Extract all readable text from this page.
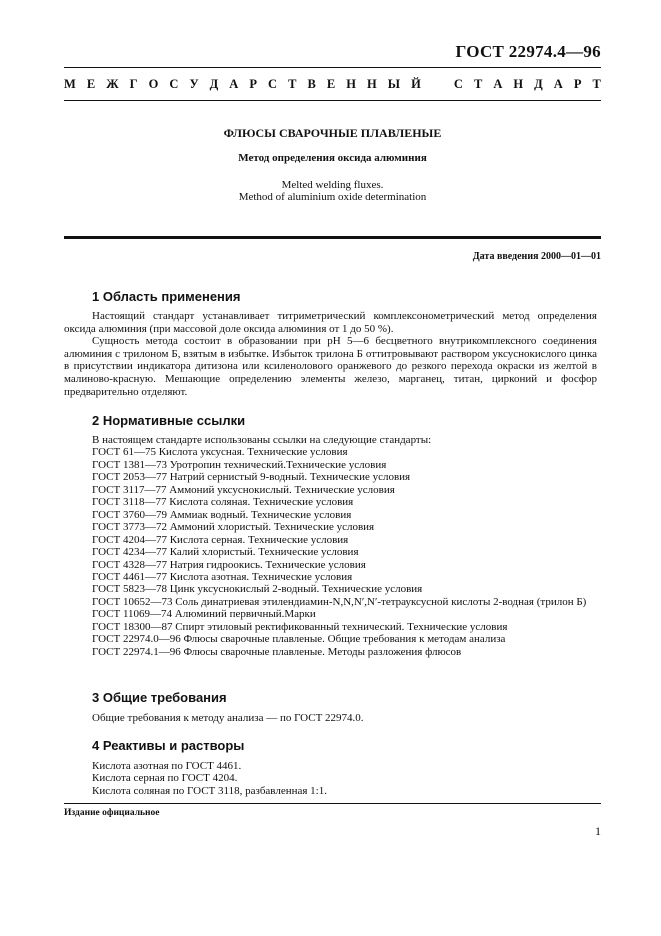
ГОСТ 22974.4—96
М Е Ж Г О С У Д А Р С Т В Е Н Н Ы Й	С Т А Н Д А Р Т
ФЛЮСЫ СВАРОЧНЫЕ ПЛАВЛЕНЫЕ
Метод определения оксида алюминия
Melted welding fluxes.
Method of aluminium oxide determination
Дата введения 2000—01—01
1 Область применения

Настоящий стандарт устанавливает титриметрический комплексонометрический метод определения оксида алюминия (при массовой доле оксида алюминия от 1 до 50 %).

Сущность метода состоит в образовании при рН 5—6 бесцветного внутрикомплексного соединения алюминия с трилоном Б, взятым в избытке. Избыток трилона Б оттитровывают раствором уксуснокислого цинка в присутствии индикатора дитизона или ксиленолового оранжевого до резкого перехода окраски из желтой в малиново-красную. Мешающие определению элементы железо, марганец, титан, цирконий и фосфор предварительно отделяют.

2 Нормативные ссылки
В настоящем стандарте использованы ссылки на следующие стандарты:
ГОСТ 61—75 Кислота уксусная. Технические условия
ГОСТ 1381—73 Уротропин технический.Технические условия
ГОСТ 2053—77 Натрий сернистый 9-водный. Технические условия
ГОСТ 3117—77 Аммоний уксуснокислый. Технические условия
ГОСТ 3118—77 Кислота соляная. Технические условия
ГОСТ 3760—79 Аммиак водный. Технические условия
ГОСТ 3773—72 Аммоний хлористый. Технические условия
ГОСТ 4204—77 Кислота серная. Технические условия
ГОСТ 4234—77 Калий хлористый. Технические условия
ГОСТ 4328—77 Натрия гидроокись. Технические условия
ГОСТ 4461—77 Кислота азотная. Технические условия
ГОСТ 5823—78 Цинк уксуснокислый 2-водный. Технические условия
ГОСТ 10652—73 Соль динатриевая этилендиамин-N,N,N′,N′-тетрауксусной кислоты 2-водная (трилон Б)
ГОСТ 11069—74 Алюминий первичный.Марки
ГОСТ 18300—87 Спирт этиловый ректификованный технический. Технические условия
ГОСТ 22974.0—96 Флюсы сварочные плавленые. Общие требования к методам анализа
ГОСТ 22974.1—96 Флюсы сварочные плавленые. Методы разложения флюсов
3 Общие требования
Общие требования к методу анализа — по ГОСТ 22974.0.
4 Реактивы и растворы
Кислота азотная по ГОСТ 4461.
Кислота серная по ГОСТ 4204.
Кислота соляная по ГОСТ 3118, разбавленная 1:1.
Издание официальное
1
